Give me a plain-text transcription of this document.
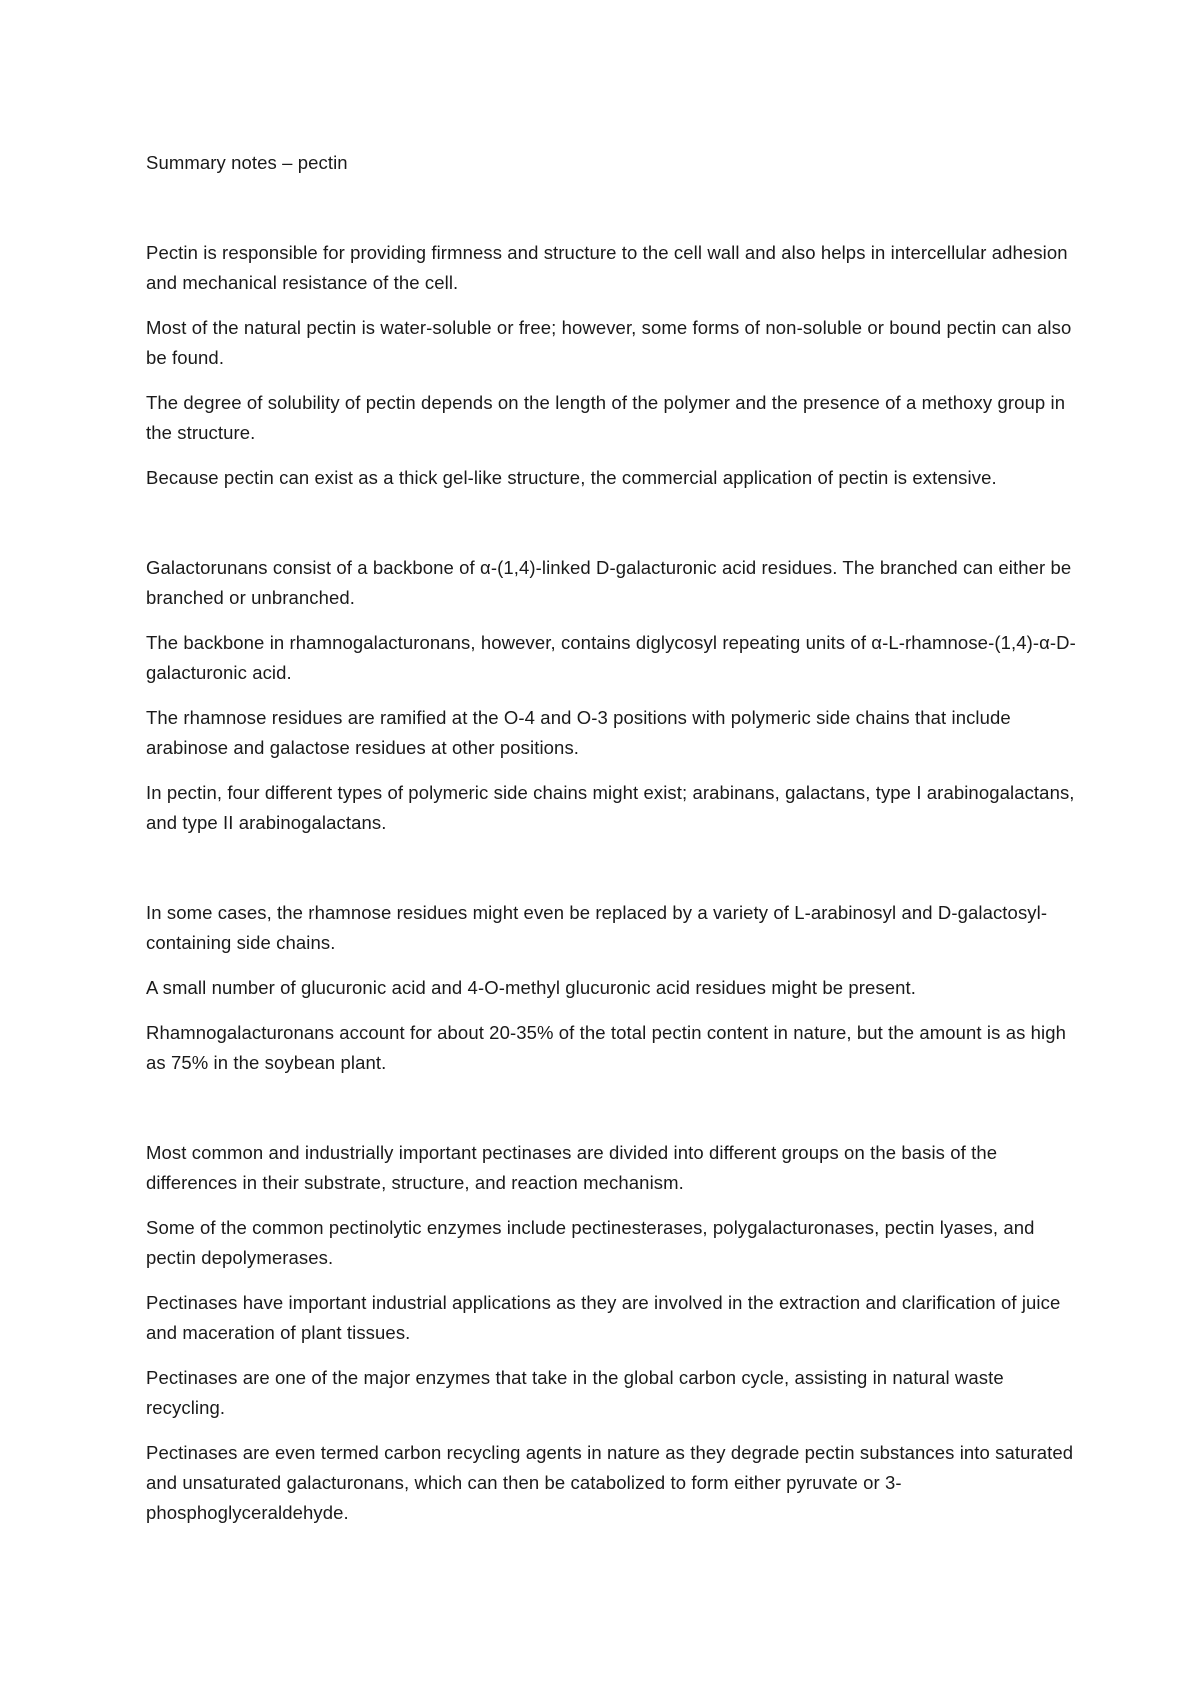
Summary notes – pectin

Pectin is responsible for providing firmness and structure to the cell wall and also helps in intercellular adhesion and mechanical resistance of the cell.

Most of the natural pectin is water-soluble or free; however, some forms of non-soluble or bound pectin can also be found.

The degree of solubility of pectin depends on the length of the polymer and the presence of a methoxy group in the structure.

Because pectin can exist as a thick gel-like structure, the commercial application of pectin is extensive.

Galactorunans consist of a backbone of α-(1,4)-linked D-galacturonic acid residues. The branched can either be branched or unbranched.

The backbone in rhamnogalacturonans, however, contains diglycosyl repeating units of α-L-rhamnose-(1,4)-α-D-galacturonic acid.

The rhamnose residues are ramified at the O-4 and O-3 positions with polymeric side chains that include arabinose and galactose residues at other positions.

In pectin, four different types of polymeric side chains might exist; arabinans, galactans, type I arabinogalactans, and type II arabinogalactans.

In some cases, the rhamnose residues might even be replaced by a variety of L-arabinosyl and D-galactosyl-containing side chains.

A small number of glucuronic acid and 4-O-methyl glucuronic acid residues might be present.

Rhamnogalacturonans account for about 20-35% of the total pectin content in nature, but the amount is as high as 75% in the soybean plant.

Most common and industrially important pectinases are divided into different groups on the basis of the differences in their substrate, structure, and reaction mechanism.

Some of the common pectinolytic enzymes include pectinesterases, polygalacturonases, pectin lyases, and pectin depolymerases.

Pectinases have important industrial applications as they are involved in the extraction and clarification of juice and maceration of plant tissues.

Pectinases are one of the major enzymes that take in the global carbon cycle, assisting in natural waste recycling.

Pectinases are even termed carbon recycling agents in nature as they degrade pectin substances into saturated and unsaturated galacturonans, which can then be catabolized to form either pyruvate or 3-phosphoglyceraldehyde.
